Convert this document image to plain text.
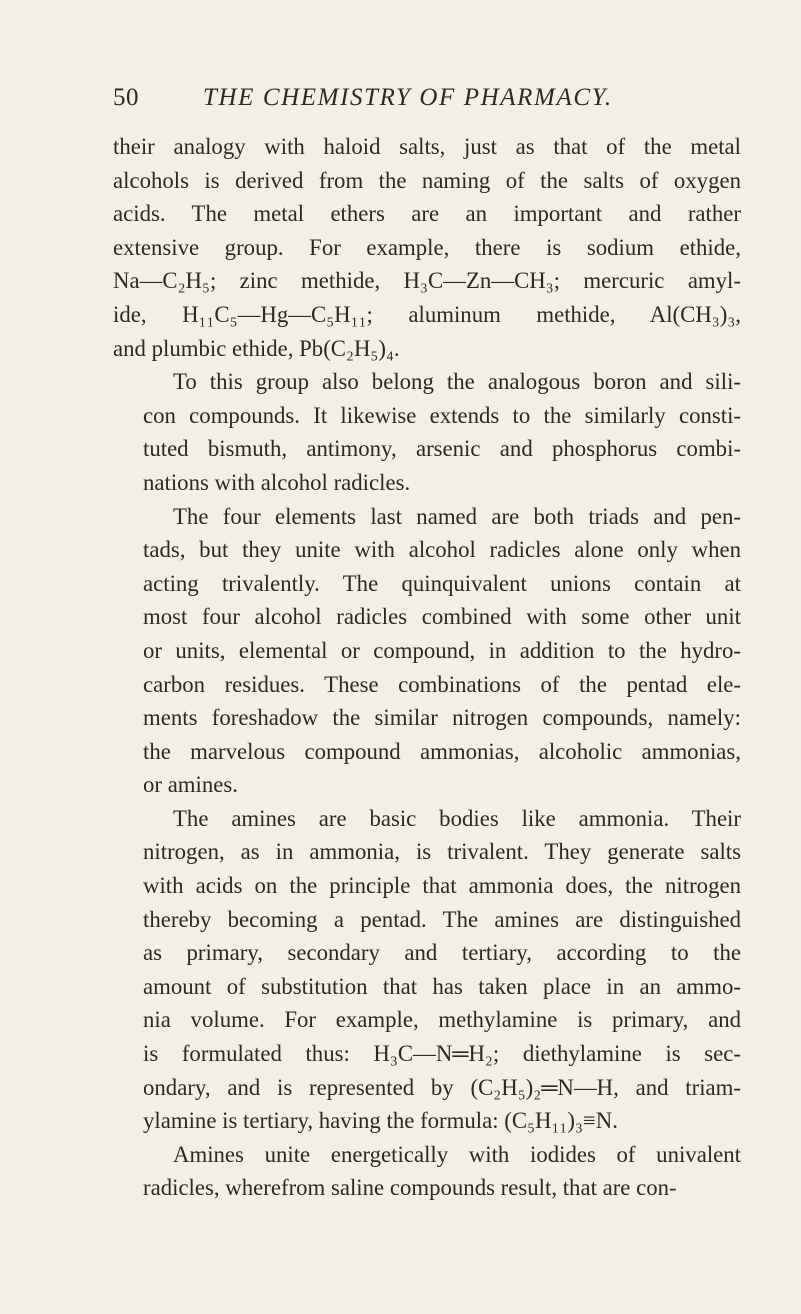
50	THE CHEMISTRY OF PHARMACY.

their analogy with haloid salts, just as that of the metal
alcohols is derived from the naming of the salts of oxygen
acids. The metal ethers are an important and rather
extensive group. For example, there is sodium ethide,
Na—C₂H₅; zinc methide, H₃C—Zn—CH₃; mercuric amyl-
ide, H₁₁C₅—Hg—C₅H₁₁; aluminum methide, Al(CH₃)₃,
and plumbic ethide, Pb(C₂H₅)₄.

To this group also belong the analogous boron and sili-
con compounds. It likewise extends to the similarly consti-
tuted bismuth, antimony, arsenic and phosphorus combi-
nations with alcohol radicles.

The four elements last named are both triads and pen-
tads, but they unite with alcohol radicles alone only when
acting trivalently. The quinquivalent unions contain at
most four alcohol radicles combined with some other unit
or units, elemental or compound, in addition to the hydro-
carbon residues. These combinations of the pentad ele-
ments foreshadow the similar nitrogen compounds, namely:
the marvelous compound ammonias, alcoholic ammonias,
or amines.

The amines are basic bodies like ammonia. Their
nitrogen, as in ammonia, is trivalent. They generate salts
with acids on the principle that ammonia does, the nitrogen
thereby becoming a pentad. The amines are distinguished
as primary, secondary and tertiary, according to the
amount of substitution that has taken place in an ammo-
nia volume. For example, methylamine is primary, and
is formulated thus: H₃C—N═H₂; diethylamine is sec-
ondary, and is represented by (C₂H₅)₂═N—H, and triam-
ylamine is tertiary, having the formula: (C₅H₁₁)₃≡N.

Amines unite energetically with iodides of univalent
radicles, wherefrom saline compounds result, that are con-
